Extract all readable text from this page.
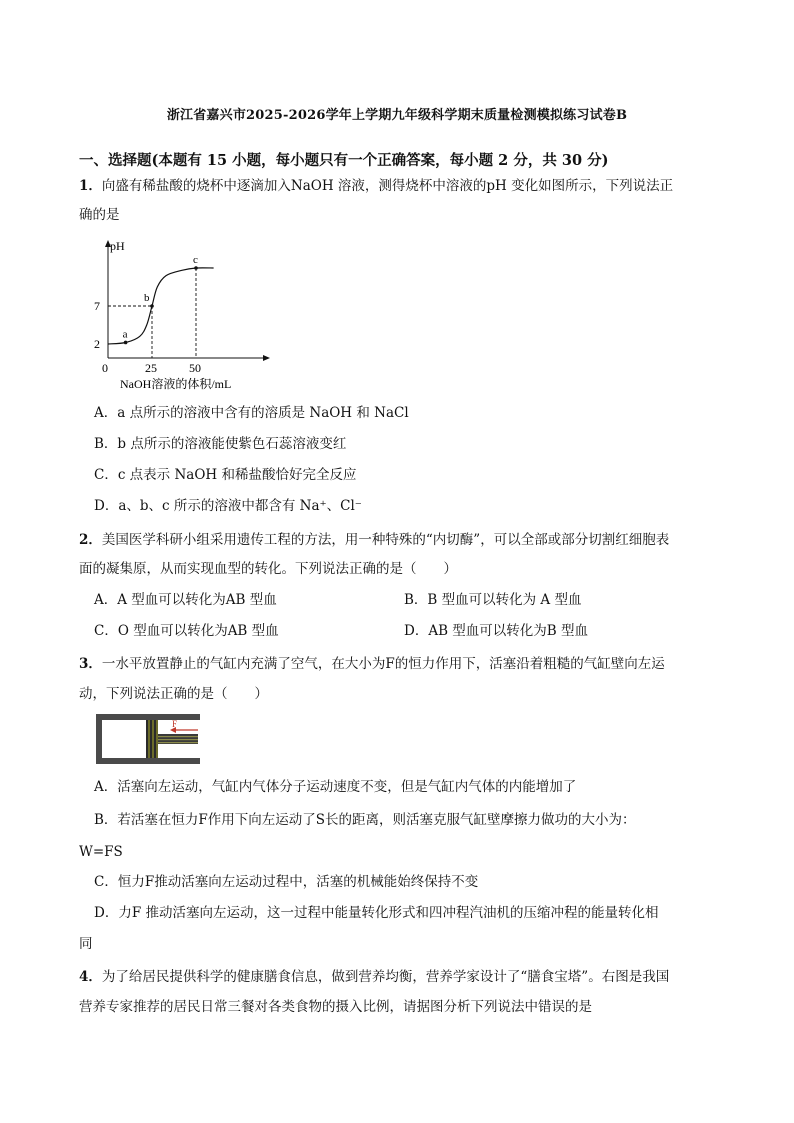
浙江省嘉兴市2025-2026学年上学期九年级科学期末质量检测模拟练习试卷B
一、选择题(本题有 15 小题，每小题只有一个正确答案，每小题 2 分，共 30 分)
1．向盛有稀盐酸的烧杯中逐滴加入NaOH 溶液，测得烧杯中溶液的pH 变化如图所示，下列说法正
确的是
a
b
c
2
7
0	25	50
pH
NaOH溶液的体积/mL
A．a 点所示的溶液中含有的溶质是 NaOH 和 NaCl
B．b 点所示的溶液能使紫色石蕊溶液变红
C．c 点表示 NaOH 和稀盐酸恰好完全反应
D．a、b、c 所示的溶液中都含有 Na⁺、Cl⁻
2．美国医学科研小组采用遗传工程的方法，用一种特殊的“内切酶”，可以全部或部分切割红细胞表
面的凝集原，从而实现血型的转化。下列说法正确的是（　　）
A．A 型血可以转化为AB 型血	B．B 型血可以转化为 A 型血
C．O 型血可以转化为AB 型血	D．AB 型血可以转化为B 型血
3．一水平放置静止的气缸内充满了空气，在大小为F的恒力作用下，活塞沿着粗糙的气缸壁向左运
动，下列说法正确的是（　　）
F
A．活塞向左运动，气缸内气体分子运动速度不变，但是气缸内气体的内能增加了
B．若活塞在恒力F作用下向左运动了S长的距离，则活塞克服气缸壁摩擦力做功的大小为：
W=FS
C．恒力F推动活塞向左运动过程中，活塞的机械能始终保持不变
D．力F 推动活塞向左运动，这一过程中能量转化形式和四冲程汽油机的压缩冲程的能量转化相
同
4．为了给居民提供科学的健康膳食信息，做到营养均衡，营养学家设计了“膳食宝塔”。右图是我国
营养专家推荐的居民日常三餐对各类食物的摄入比例，请据图分析下列说法中错误的是
